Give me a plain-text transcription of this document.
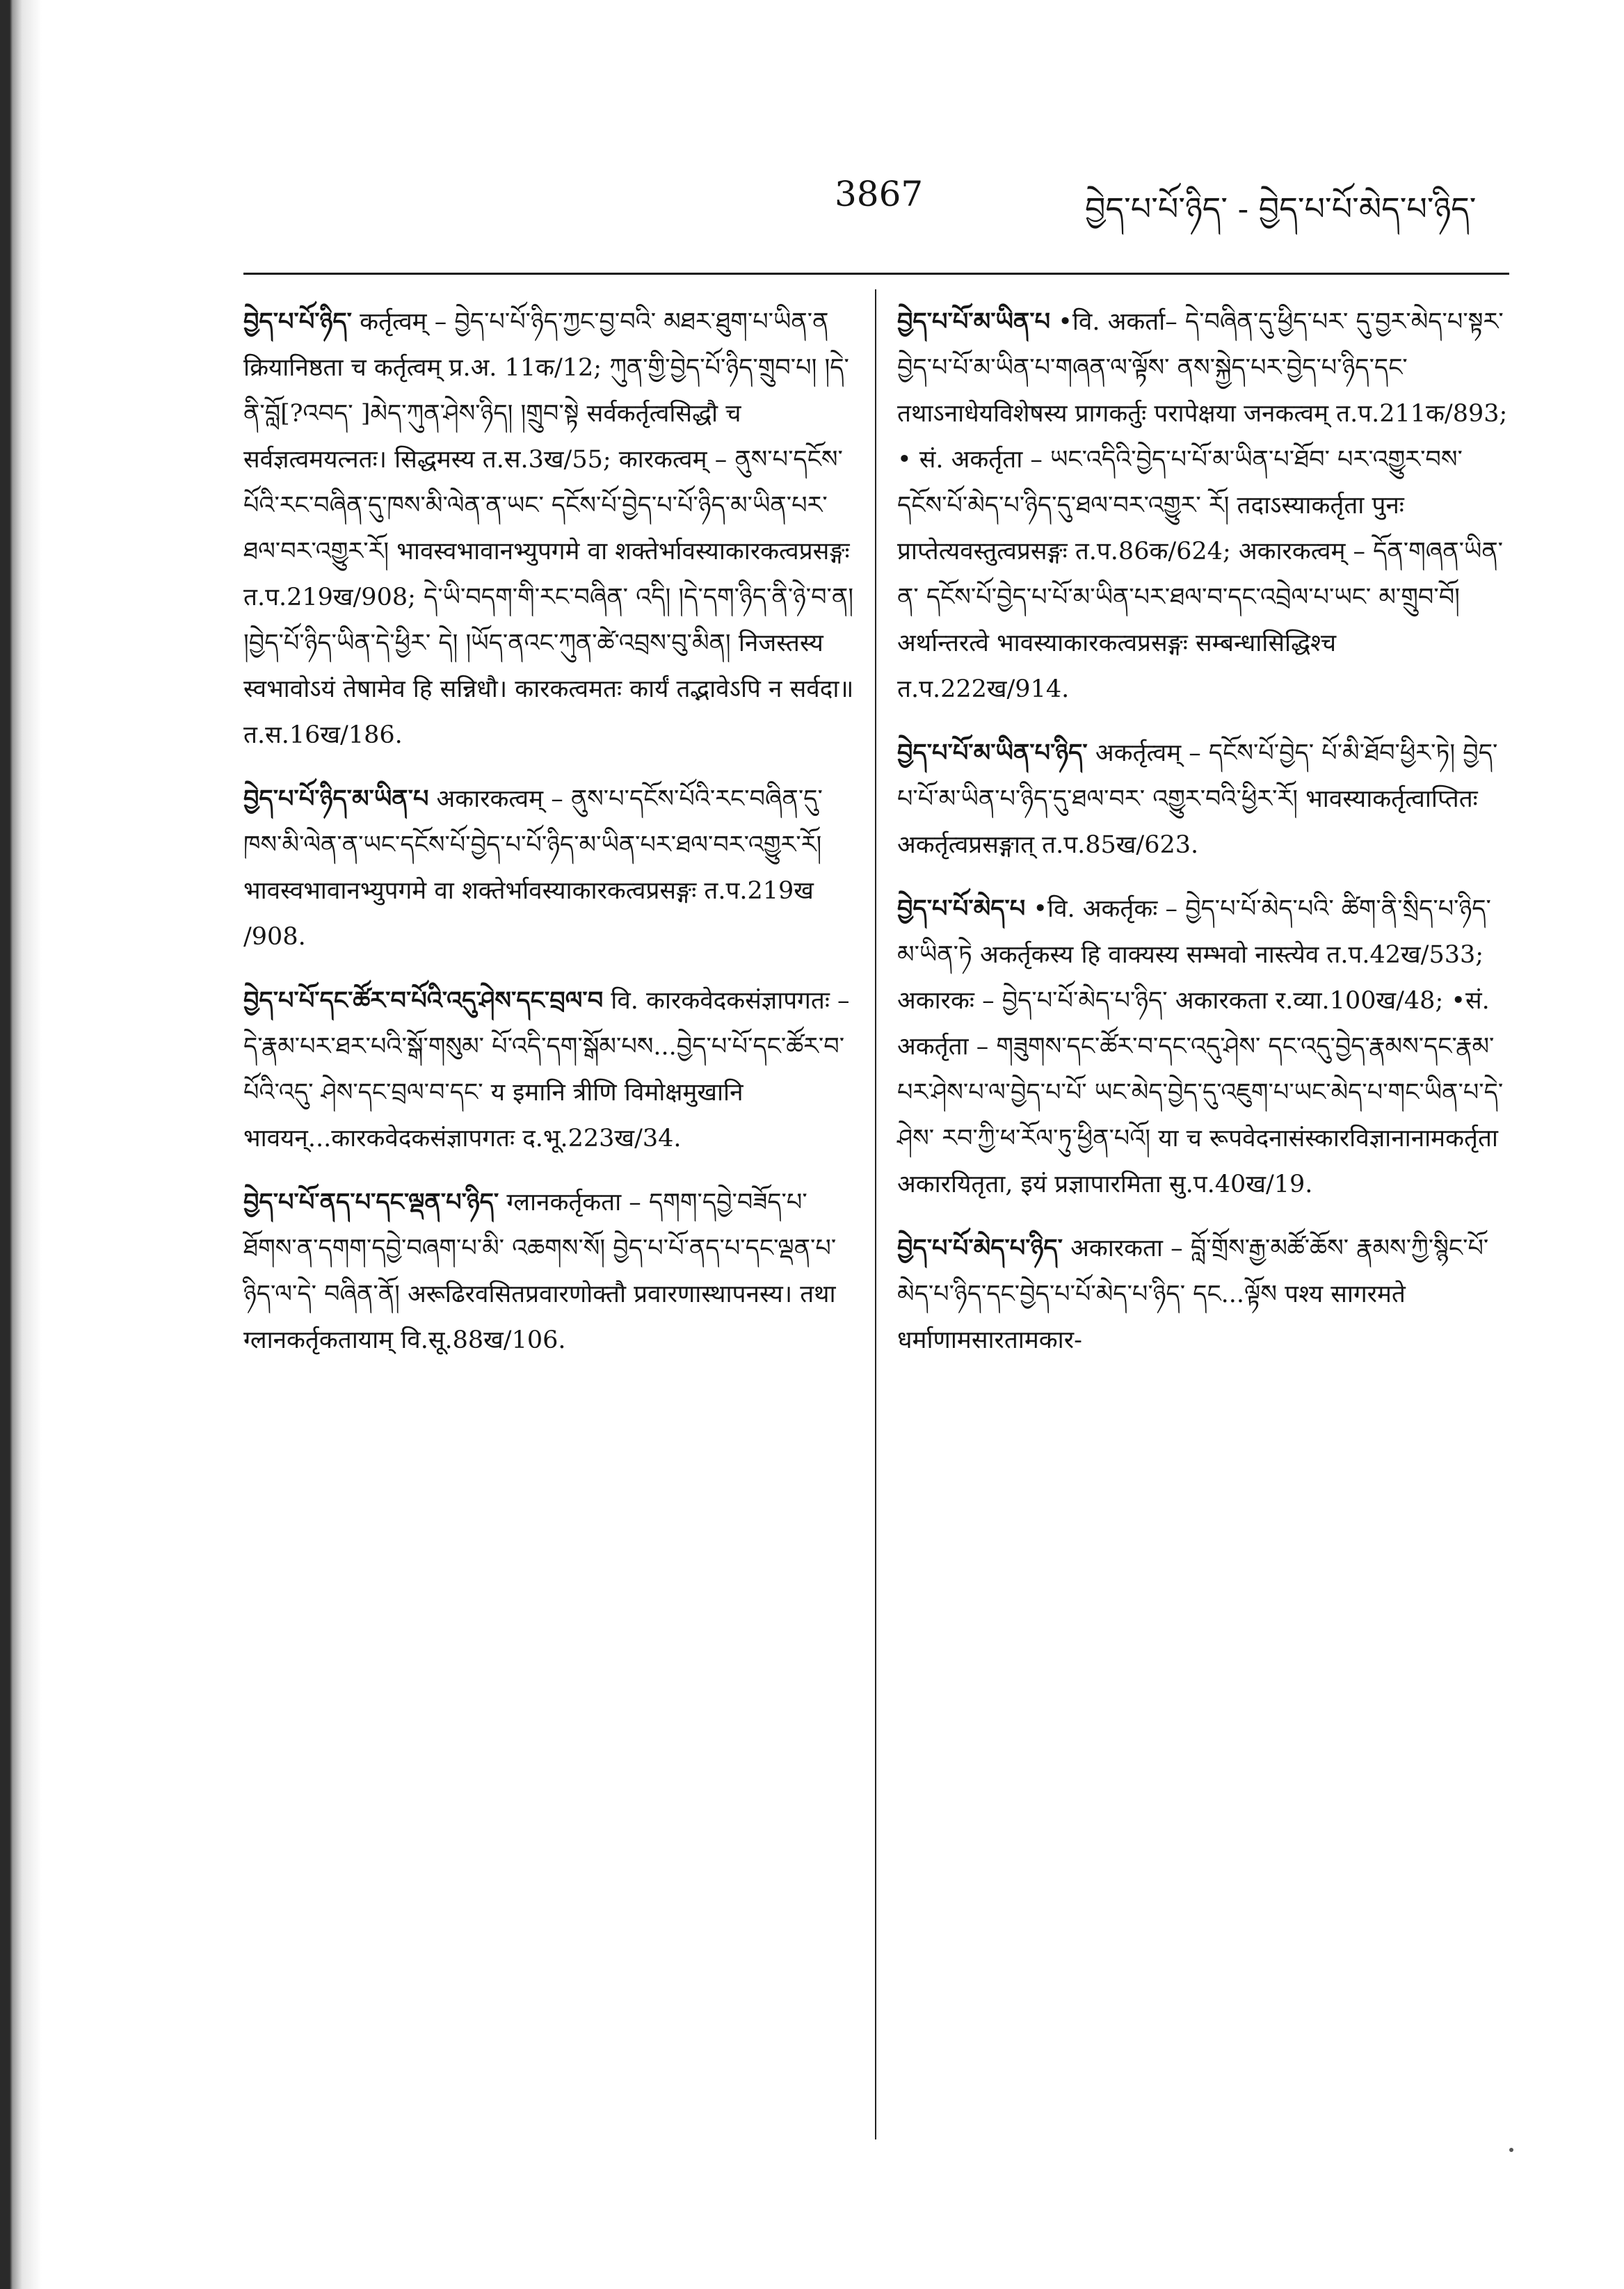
3867	བྱེད་པ་པོ་ཉིད་ - བྱེད་པ་པོ་མེད་པ་ཉིད་

བྱེད་པ་པོ་ཉིད་ कर्तृत्वम् – བྱེད་པ་པོ་ཉིད་ཀྱང་བྱ་བའི་ མཐར་ཐུག་པ་ཡིན་ན क्रियानिष्ठता च कर्तृत्वम् प्र.अ. 11क/12; ཀུན་གྱི་བྱེད་པོ་ཉིད་གྲུབ་པ། །དེ་ནི་བློ[?འབད་ ]མེད་ཀུན་ཤེས་ཉིད། །གྲུབ་སྟེ सर्वकर्तृत्वसिद्धौ च सर्वज्ञत्वमयत्नतः। सिद्धमस्य त.स.3ख/55; कारकत्वम् – ནུས་པ་དངོས་པོའི་རང་བཞིན་དུ་ཁས་མི་ལེན་ན་ཡང་ དངོས་པོ་བྱེད་པ་པོ་ཉིད་མ་ཡིན་པར་ཐལ་བར་འགྱུར་རོ། भावस्वभावानभ्युपगमे वा शक्तेर्भावस्याकारकत्वप्रसङ्गः त.प.219ख/908; དེ་ཡི་བདག་གི་རང་བཞིན་ འདི། །དེ་དག་ཉིད་ནི་ཉེ་བ་ན། །བྱེད་པོ་ཉིད་ཡིན་དེ་ཕྱིར་ དེ། །ཡོད་ནའང་ཀུན་ཚེ་འབྲས་བུ་མིན། निजस्तस्य स्वभावोऽयं तेषामेव हि सन्निधौ। कारकत्वमतः कार्यं तद्भावेऽपि न सर्वदा॥ त.स.16ख/186.

བྱེད་པ་པོ་ཉིད་མ་ཡིན་པ अकारकत्वम् – ནུས་པ་དངོས་པོའི་རང་བཞིན་དུ་ཁས་མི་ལེན་ན་ཡང་དངོས་པོ་བྱེད་པ་པོ་ཉིད་མ་ཡིན་པར་ཐལ་བར་འགྱུར་རོ། भावस्वभावानभ्युपगमे वा शक्तेर्भावस्याकारकत्वप्रसङ्गः त.प.219ख /908.

བྱེད་པ་པོ་དང་ཚོར་བ་པོའི་འདུ་ཤེས་དང་བྲལ་བ वि. कारकवेदकसंज्ञापगतः – དེ་རྣམ་པར་ཐར་པའི་སྒོ་གསུམ་ པོ་འདི་དག་སྒོམ་པས...བྱེད་པ་པོ་དང་ཚོར་བ་པོའི་འདུ་ ཤེས་དང་བྲལ་བ་དང་ य इमानि त्रीणि विमोक्षमुखानि भावयन्...कारकवेदकसंज्ञापगतः द.भू.223ख/34.

བྱེད་པ་པོ་ནད་པ་དང་ལྡན་པ་ཉིད་ ग्लानकर्तृकता – དགག་དབྱེ་བཟོད་པ་ཐོགས་ན་དགག་དབྱེ་བཞག་པ་མི་ འཆགས་སོ། བྱེད་པ་པོ་ནད་པ་དང་ལྡན་པ་ཉིད་ལ་དེ་ བཞིན་ནོ། अरूढिरवसितप्रवारणोक्तौ प्रवारणास्थापनस्य। तथा ग्लानकर्तृकतायाम् वि.सू.88ख/106.

བྱེད་པ་པོ་མ་ཡིན་པ •वि. अकर्ता– དེ་བཞིན་དུ་ཕྱིད་པར་ དུ་བྱར་མེད་པ་སྟར་བྱེད་པ་པོ་མ་ཡིན་པ་གཞན་ལ་ལྟོས་ ནས་སྐྱེད་པར་བྱེད་པ་ཉིད་དང་ तथाऽनाधेयविशेषस्य प्रागकर्तुः परापेक्षया जनकत्वम् त.प.211क/893; • सं. अकर्तृता – ཡང་འདིའི་བྱེད་པ་པོ་མ་ཡིན་པ་ཐོབ་ པར་འགྱུར་བས་དངོས་པོ་མེད་པ་ཉིད་དུ་ཐལ་བར་འགྱུར་ རོ། तदाऽस्याकर्तृता पुनः प्राप्तेत्यवस्तुत्वप्रसङ्गः त.प.86क/624; अकारकत्वम् – དོན་གཞན་ཡིན་ན་ དངོས་པོ་བྱེད་པ་པོ་མ་ཡིན་པར་ཐལ་བ་དང་འབྲེལ་པ་ཡང་ མ་གྲུབ་བོ། अर्थान्तरत्वे भावस्याकारकत्वप्रसङ्गः सम्बन्धासिद्धिश्च त.प.222ख/914.

བྱེད་པ་པོ་མ་ཡིན་པ་ཉིད་ अकर्तृत्वम् – དངོས་པོ་བྱེད་ པོ་མི་ཐོབ་ཕྱིར་ཏེ། བྱེད་པ་པོ་མ་ཡིན་པ་ཉིད་དུ་ཐལ་བར་ འགྱུར་བའི་ཕྱིར་རོ། भावस्याकर्तृत्वाप्तितः अकर्तृत्वप्रसङ्गात् त.प.85ख/623.

བྱེད་པ་པོ་མེད་པ •वि. अकर्तृकः – བྱེད་པ་པོ་མེད་པའི་ ཚིག་ནི་སྲིད་པ་ཉིད་མ་ཡིན་ཏེ अकर्तृकस्य हि वाक्यस्य सम्भवो नास्त्येव त.प.42ख/533; अकारकः – བྱེད་པ་པོ་མེད་པ་ཉིད་ अकारकता र.व्या.100ख/48; •सं. अकर्तृता – གཟུགས་དང་ཚོར་བ་དང་འདུ་ཤེས་ དང་འདུ་བྱེད་རྣམས་དང་རྣམ་པར་ཤེས་པ་ལ་བྱེད་པ་པོ་ ཡང་མེད་བྱེད་དུ་འཇུག་པ་ཡང་མེད་པ་གང་ཡིན་པ་དེ་ཤེས་ རབ་ཀྱི་ཕ་རོལ་ཏུ་ཕྱིན་པའོ། या च रूपवेदनासंस्कारविज्ञानानामकर्तृता अकारयितृता, इयं प्रज्ञापारमिता सु.प.40ख/19.

བྱེད་པ་པོ་མེད་པ་ཉིད་ अकारकता – བློ་གྲོས་རྒྱ་མཚོ་ཆོས་ རྣམས་ཀྱི་སྙིང་པོ་མེད་པ་ཉིད་དང་བྱེད་པ་པོ་མེད་པ་ཉིད་ དང...ལྟོས पश्य सागरमते धर्माणामसारतामकार-
